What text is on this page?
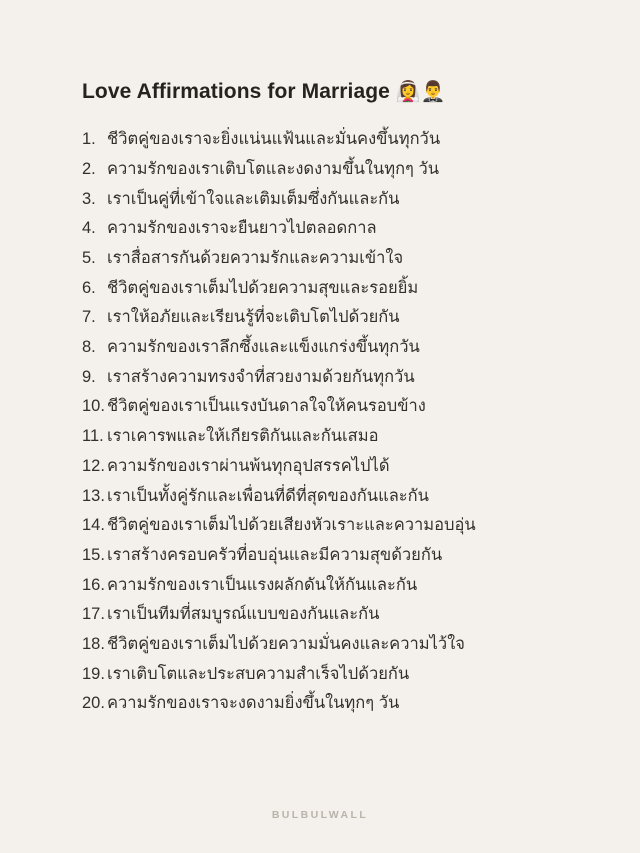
Love Affirmations for Marriage 👰‍♀️🤵‍♂️
1. ชีวิตคู่ของเราจะยิ่งแน่นแฟ้นและมั่นคงขึ้นทุกวัน
2. ความรักของเราเติบโตและงดงามขึ้นในทุกๆ วัน
3. เราเป็นคู่ที่เข้าใจและเติมเต็มซึ่งกันและกัน
4. ความรักของเราจะยืนยาวไปตลอดกาล
5. เราสื่อสารกันด้วยความรักและความเข้าใจ
6. ชีวิตคู่ของเราเต็มไปด้วยความสุขและรอยยิ้ม
7. เราให้อภัยและเรียนรู้ที่จะเติบโตไปด้วยกัน
8. ความรักของเราลึกซึ้งและแข็งแกร่งขึ้นทุกวัน
9. เราสร้างความทรงจำที่สวยงามด้วยกันทุกวัน
10. ชีวิตคู่ของเราเป็นแรงบันดาลใจให้คนรอบข้าง
11. เราเคารพและให้เกียรติกันและกันเสมอ
12. ความรักของเราผ่านพ้นทุกอุปสรรคไปได้
13. เราเป็นทั้งคู่รักและเพื่อนที่ดีที่สุดของกันและกัน
14. ชีวิตคู่ของเราเต็มไปด้วยเสียงหัวเราะและความอบอุ่น
15. เราสร้างครอบครัวที่อบอุ่นและมีความสุขด้วยกัน
16. ความรักของเราเป็นแรงผลักดันให้กันและกัน
17. เราเป็นทีมที่สมบูรณ์แบบของกันและกัน
18. ชีวิตคู่ของเราเต็มไปด้วยความมั่นคงและความไว้ใจ
19. เราเติบโตและประสบความสำเร็จไปด้วยกัน
20. ความรักของเราจะงดงามยิ่งขึ้นในทุกๆ วัน
BULBULWALL
